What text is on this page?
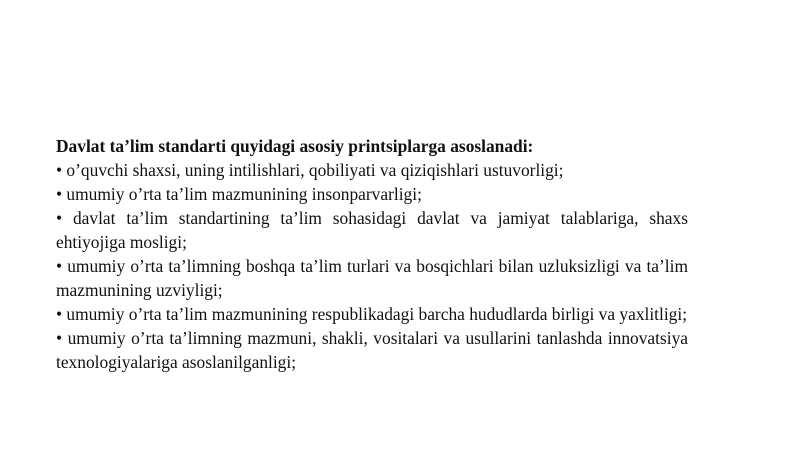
Davlat ta’lim standarti quyidagi asosiy printsiplarga asoslanadi:

• o’quvchi shaxsi, uning intilishlari, qobiliyati va qiziqishlari ustuvorligi;

• umumiy o’rta ta’lim mazmunining insonparvarligi;

• davlat ta’lim standartining ta’lim sohasidagi davlat va jamiyat talablariga, shaxs ehtiyojiga mosligi;

• umumiy o’rta ta’limning boshqa ta’lim turlari va bosqichlari bilan uzluksizligi va ta’lim mazmunining uzviyligi;

• umumiy o’rta ta’lim mazmunining respublikadagi barcha hududlarda birligi va yaxlitligi;

• umumiy o’rta ta’limning mazmuni, shakli, vositalari va usullarini tanlashda innovatsiya texnologiyalariga asoslanilganligi;
